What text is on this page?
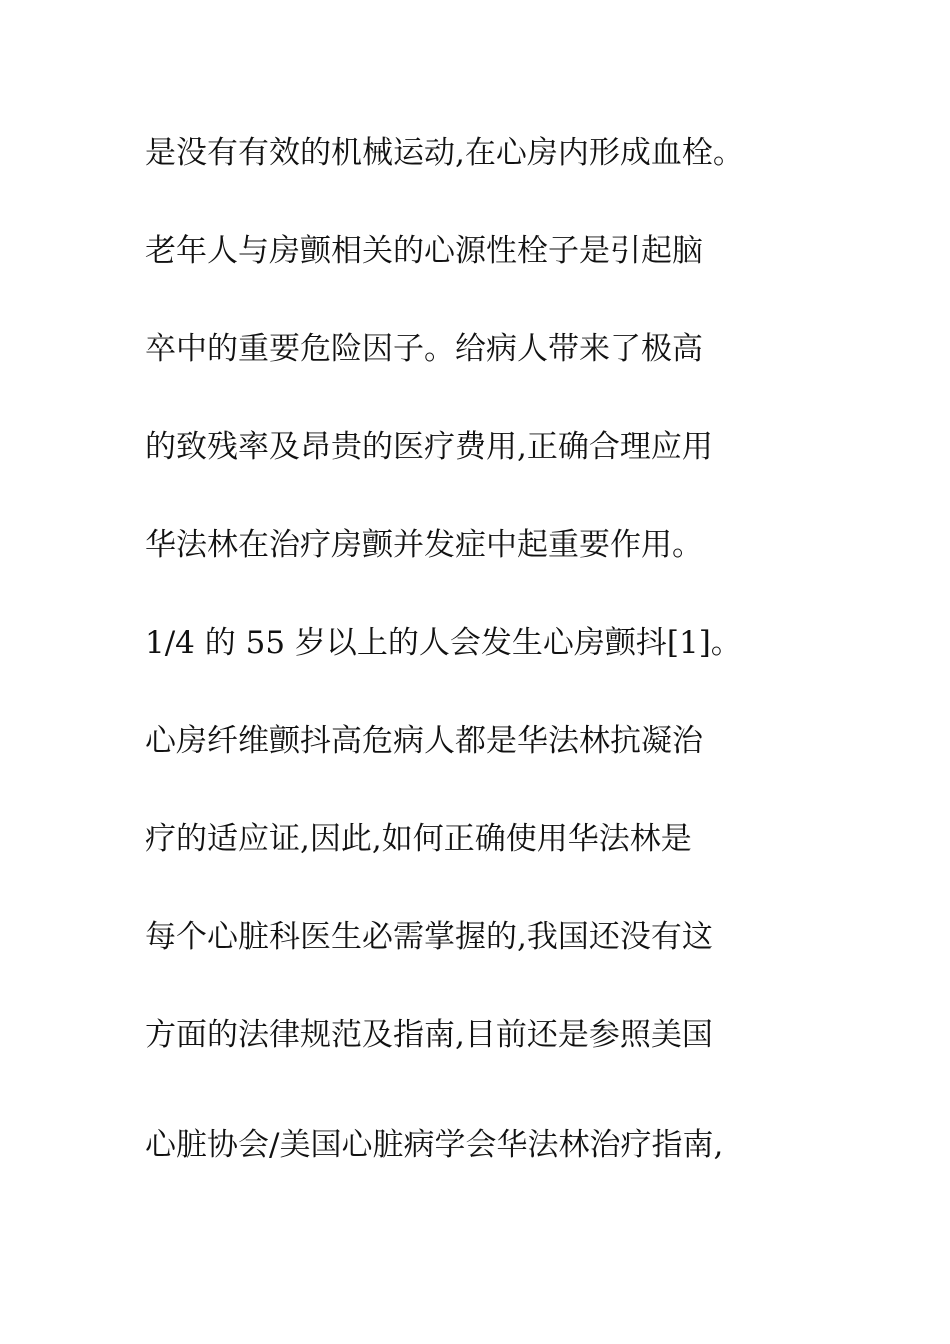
是没有有效的机械运动,在心房内形成血栓。
老年人与房颤相关的心源性栓子是引起脑
卒中的重要危险因子。给病人带来了极高
的致残率及昂贵的医疗费用,正确合理应用
华法林在治疗房颤并发症中起重要作用。
1/4 的 55 岁以上的人会发生心房颤抖[1]。
心房纤维颤抖高危病人都是华法林抗凝治
疗的适应证,因此,如何正确使用华法林是
每个心脏科医生必需掌握的,我国还没有这
方面的法律规范及指南,目前还是参照美国
心脏协会/美国心脏病学会华法林治疗指南,
